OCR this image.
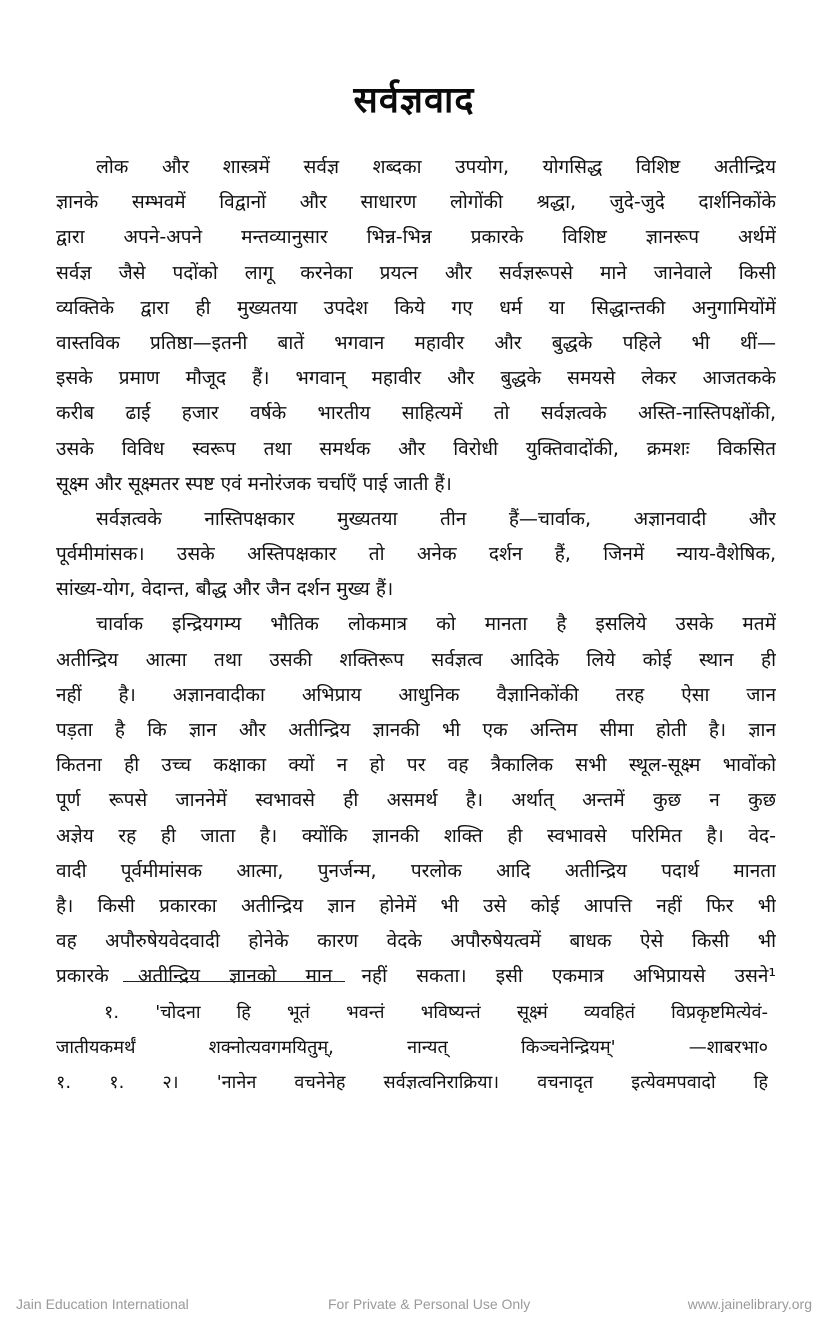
सर्वज्ञवाद
लोक और शास्त्रमें सर्वज्ञ शब्दका उपयोग, योगसिद्ध विशिष्ट अतीन्द्रिय
ज्ञानके सम्भवमें विद्वानों और साधारण लोगोंकी श्रद्धा, जुदे-जुदे दार्शनिकोंके
द्वारा अपने-अपने मन्तव्यानुसार भिन्न-भिन्न प्रकारके विशिष्ट ज्ञानरूप अर्थमें
सर्वज्ञ जैसे पदोंको लागू करनेका प्रयत्न और सर्वज्ञरूपसे माने जानेवाले किसी
व्यक्तिके द्वारा ही मुख्यतया उपदेश किये गए धर्म या सिद्धान्तकी अनुगामियोंमें
वास्तविक प्रतिष्ठा—इतनी बातें भगवान महावीर और बुद्धके पहिले भी थीं—
इसके प्रमाण मौजूद हैं। भगवान् महावीर और बुद्धके समयसे लेकर आजतकके
करीब ढाई हजार वर्षके भारतीय साहित्यमें तो सर्वज्ञत्वके अस्ति-नास्तिपक्षोंकी,
उसके विविध स्वरूप तथा समर्थक और विरोधी युक्तिवादोंकी, क्रमशः विकसित
सूक्ष्म और सूक्ष्मतर स्पष्ट एवं मनोरंजक चर्चाएँ पाई जाती हैं।
सर्वज्ञत्वके नास्तिपक्षकार मुख्यतया तीन हैं—चार्वाक, अज्ञानवादी और
पूर्वमीमांसक। उसके अस्तिपक्षकार तो अनेक दर्शन हैं, जिनमें न्याय-वैशेषिक,
सांख्य-योग, वेदान्त, बौद्ध और जैन दर्शन मुख्य हैं।
चार्वाक इन्द्रियगम्य भौतिक लोकमात्र को मानता है इसलिये उसके मतमें
अतीन्द्रिय आत्मा तथा उसकी शक्तिरूप सर्वज्ञत्व आदिके लिये कोई स्थान ही
नहीं है। अज्ञानवादीका अभिप्राय आधुनिक वैज्ञानिकोंकी तरह ऐसा जान
पड़ता है कि ज्ञान और अतीन्द्रिय ज्ञानकी भी एक अन्तिम सीमा होती है। ज्ञान
कितना ही उच्च कक्षाका क्यों न हो पर वह त्रैकालिक सभी स्थूल-सूक्ष्म भावोंको
पूर्ण रूपसे जाननेमें स्वभावसे ही असमर्थ है। अर्थात् अन्तमें कुछ न कुछ
अज्ञेय रह ही जाता है। क्योंकि ज्ञानकी शक्ति ही स्वभावसे परिमित है। वेद-
वादी पूर्वमीमांसक आत्मा, पुनर्जन्म, परलोक आदि अतीन्द्रिय पदार्थ मानता
है। किसी प्रकारका अतीन्द्रिय ज्ञान होनेमें भी उसे कोई आपत्ति नहीं फिर भी
वह अपौरुषेयवेदवादी होनेके कारण वेदके अपौरुषेयत्वमें बाधक ऐसे किसी भी
प्रकारके अतीन्द्रिय ज्ञानको मान नहीं सकता। इसी एकमात्र अभिप्रायसे उसने¹
१. 'चोदना हि भूतं भवन्तं भविष्यन्तं सूक्ष्मं व्यवहितं विप्रकृष्टमित्येवं-
जातीयकमर्थं शक्नोत्यवगमयितुम्, नान्यत् किञ्चनेन्द्रियम्' —शाबरभा०
१. १. २। 'नानेन वचनेनेह सर्वज्ञत्वनिराक्रिया। वचनादृत इत्येवमपवादो हि
Jain Education International	For Private & Personal Use Only	www.jainelibrary.org
